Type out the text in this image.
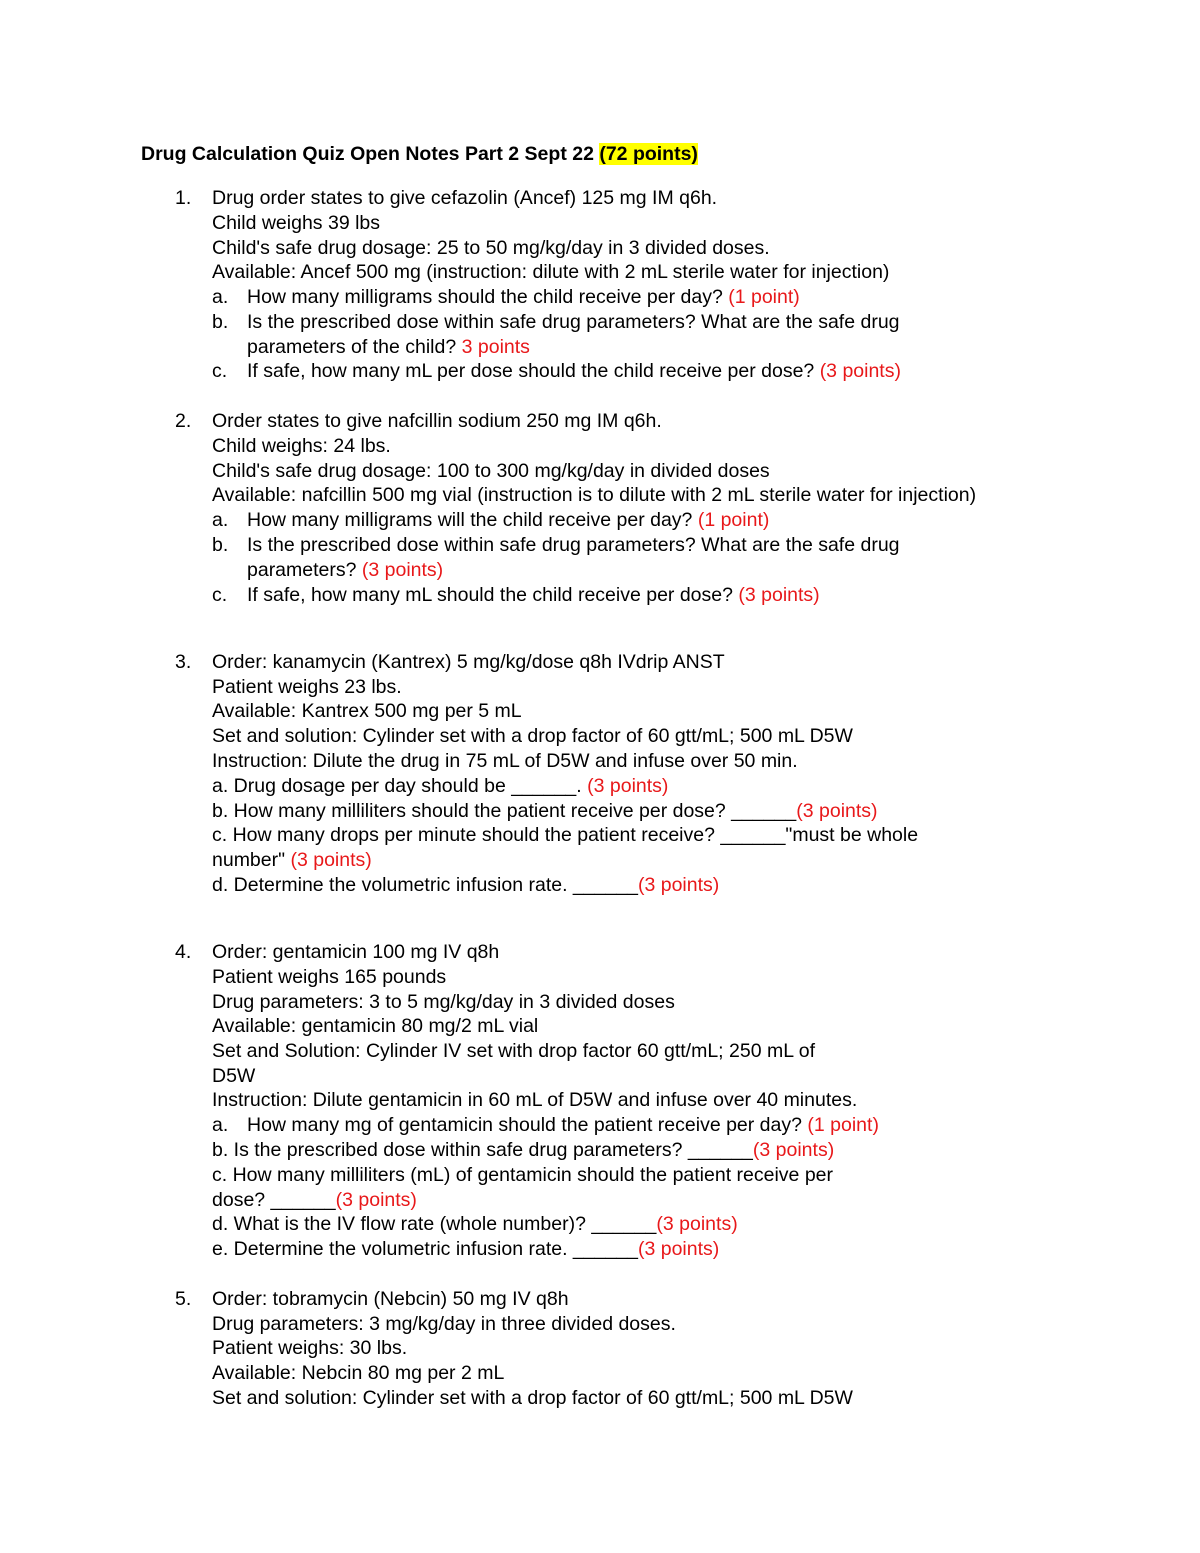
Drug Calculation Quiz Open Notes Part 2 Sept 22 (72 points)
1. Drug order states to give cefazolin (Ancef) 125 mg IM q6h.
Child weighs 39 lbs
Child's safe drug dosage: 25 to 50 mg/kg/day in 3 divided doses.
Available: Ancef 500 mg (instruction: dilute with 2 mL sterile water for injection)
a. How many milligrams should the child receive per day? (1 point)
b. Is the prescribed dose within safe drug parameters? What are the safe drug
parameters of the child? 3 points
c. If safe, how many mL per dose should the child receive per dose? (3 points)
2. Order states to give nafcillin sodium 250 mg IM q6h.
Child weighs: 24 lbs.
Child's safe drug dosage: 100 to 300 mg/kg/day in divided doses
Available: nafcillin 500 mg vial (instruction is to dilute with 2 mL sterile water for injection)
a. How many milligrams will the child receive per day? (1 point)
b. Is the prescribed dose within safe drug parameters? What are the safe drug
parameters? (3 points)
c. If safe, how many mL should the child receive per dose? (3 points)
3. Order: kanamycin (Kantrex) 5 mg/kg/dose q8h IVdrip ANST
Patient weighs 23 lbs.
Available: Kantrex 500 mg per 5 mL
Set and solution: Cylinder set with a drop factor of 60 gtt/mL; 500 mL D5W
Instruction: Dilute the drug in 75 mL of D5W and infuse over 50 min.
a. Drug dosage per day should be ______. (3 points)
b. How many milliliters should the patient receive per dose? ______(3 points)
c. How many drops per minute should the patient receive? ______"must be whole
number" (3 points)
d. Determine the volumetric infusion rate. ______(3 points)
4. Order: gentamicin 100 mg IV q8h
Patient weighs 165 pounds
Drug parameters: 3 to 5 mg/kg/day in 3 divided doses
Available: gentamicin 80 mg/2 mL vial
Set and Solution: Cylinder IV set with drop factor 60 gtt/mL; 250 mL of
D5W
Instruction: Dilute gentamicin in 60 mL of D5W and infuse over 40 minutes.
a. How many mg of gentamicin should the patient receive per day? (1 point)
b. Is the prescribed dose within safe drug parameters? ______(3 points)
c. How many milliliters (mL) of gentamicin should the patient receive per
dose? ______(3 points)
d. What is the IV flow rate (whole number)? ______(3 points)
e. Determine the volumetric infusion rate. ______(3 points)
5. Order: tobramycin (Nebcin) 50 mg IV q8h
Drug parameters: 3 mg/kg/day in three divided doses.
Patient weighs: 30 lbs.
Available: Nebcin 80 mg per 2 mL
Set and solution: Cylinder set with a drop factor of 60 gtt/mL; 500 mL D5W
